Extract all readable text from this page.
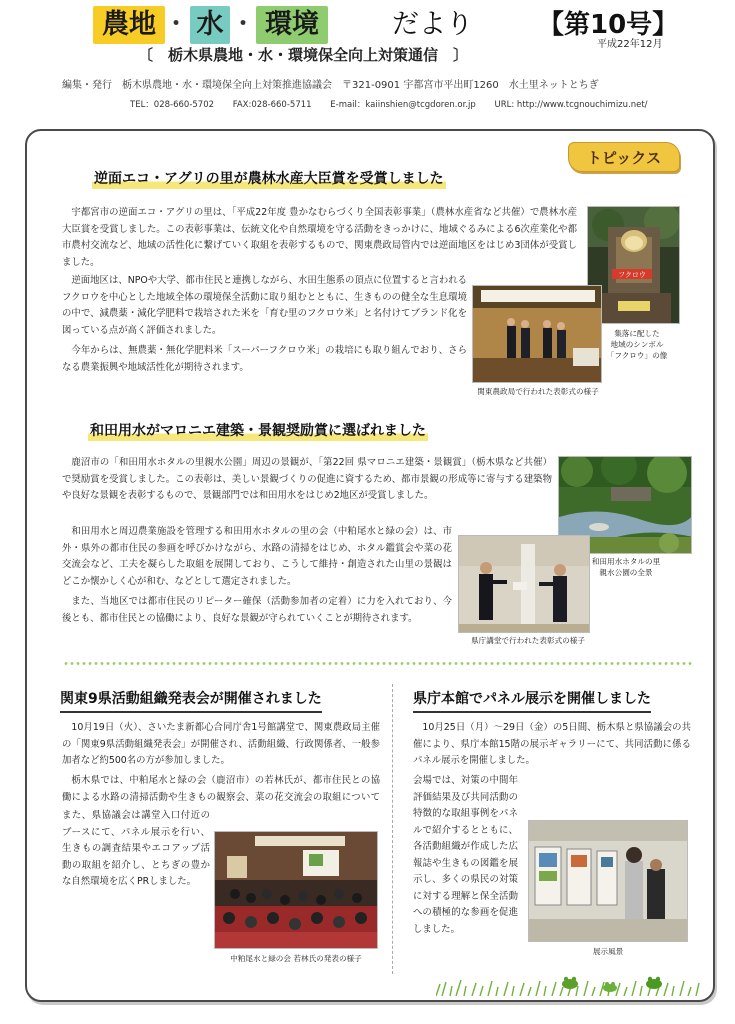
農地 ・ 水 ・ 環境	だより	【第10号】
〔　栃木県農地・水・環境保全向上対策通信　〕
平成22年12月
編集・発行　栃木県農地・水・環境保全向上対策推進協議会　〒321-0901 宇都宮市平出町1260　水土里ネットとちぎ
TEL：028-660-5702 FAX:028-660-5711 E-mail：kaiinshien@tcgdoren.or.jp URL: http://www.tcgnouchimizu.net/
トピックス
逆面エコ・アグリの里が農林水産大臣賞を受賞しました
宇都宮市の逆面エコ・アグリの里は、「平成22年度 豊かなむらづくり全国表彰事業」（農林水産省など共催）で農林水産大臣賞を受賞しました。この表彰事業は、伝統文化や自然環境を守る活動をきっかけに、地域ぐるみによる6次産業化や都市農村交流など、地域の活性化に繋げていく取組を表彰するもので、関東農政局管内では逆面地区をはじめ3団体が受賞しました。
逆面地区は、NPOや大学、都市住民と連携しながら、水田生態系の頂点に位置すると言われるフクロウを中心とした地域全体の環境保全活動に取り組むとともに、生きものの健全な生息環境の中で、減農薬・減化学肥料で栽培された米を「育む里のフクロウ米」と名付けてブランド化を図っている点が高く評価されました。
今年からは、無農薬・無化学肥料米「スーパーフクロウ米」の栽培にも取り組んでおり、さらなる農業振興や地域活性化が期待されます。
フクロウ
集落に配した
地域のシンボル
「フクロウ」の像
関東農政局で行われた表彰式の様子
和田用水がマロニエ建築・景観奨励賞に選ばれました
鹿沼市の「和田用水ホタルの里親水公園」周辺の景観が、「第22回 県マロニエ建築・景観賞」（栃木県など共催）で奨励賞を受賞しました。この表彰は、美しい景観づくりの促進に資するため、都市景観の形成等に寄与する建築物や良好な景観を表彰するもので、景観部門では和田用水をはじめ2地区が受賞しました。
和田用水と周辺農業施設を管理する和田用水ホタルの里の会（中粕尾水と緑の会）は、市外・県外の都市住民の参画を呼びかけながら、水路の清掃をはじめ、ホタル鑑賞会や菜の花交流会など、工夫を凝らした取組を展開しており、こうして維持・創造された山里の景観はどこか懐かしく心が和む、などとして選定されました。
また、当地区では都市住民のリピーター確保（活動参加者の定着）に力を入れており、今後とも、都市住民との協働により、良好な景観が守られていくことが期待されます。
和田用水ホタルの里
親水公園の全景
県庁講堂で行われた表彰式の様子
関東9県活動組織発表会が開催されました
10月19日（火）、さいたま新都心合同庁舎1号館講堂で、関東農政局主催の「関東9県活動組織発表会」が開催され、活動組織、行政関係者、一般参加者など約500名の方が参加しました。
栃木県では、中粕尾水と緑の会（鹿沼市）の若林氏が、都市住民との協働による水路の清掃活動や生きもの観察会、菜の花交流会の取組について
また、県協議会は講堂入口付近のブースにて、パネル展示を行い、生きもの調査結果やエコアップ活動の取組を紹介し、とちぎの豊かな自然環境を広くPRしました。
中粕尾水と緑の会 若林氏の発表の様子
県庁本館でパネル展示を開催しました
10月25日（月）～29日（金）の5日間、栃木県と県協議会の共催により、県庁本館15階の展示ギャラリーにて、共同活動に係るパネル展示を開催しました。
会場では、対策の中間年評価結果及び共同活動の特徴的な取組事例をパネルで紹介するとともに、各活動組織が作成した広報誌や生きもの図鑑を展示し、多くの県民の対策に対する理解と保全活動への積極的な参画を促進しました。
展示風景
